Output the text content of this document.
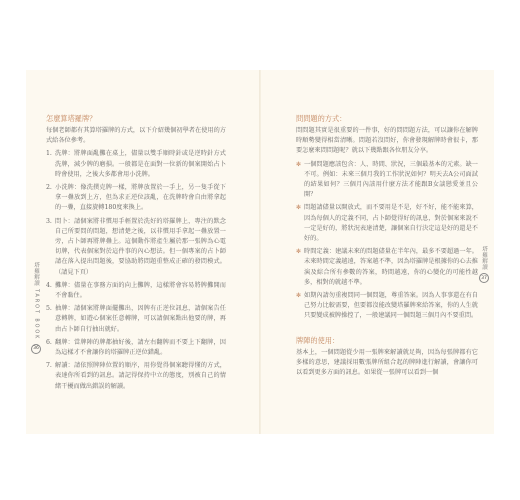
塔羅解讀
TAROT BOOK
36
怎麼算塔羅牌？
每個老師都有其算塔羅牌的方式，以下介紹幾個初學者在使用的方式給各位參考。
1. 洗牌：將牌面亂攤在桌上，儘量以雙手順時針或是逆時針方式洗牌，減少牌的磨損。一般都是在面對一位新的個案開始占卜時會使用，之後大多都會用小洗牌。
2. 小洗牌：像洗撲克牌一樣，將牌放置於一手上，另一隻手從下拿一疊放到上方，但為求正逆位該亂，在洗牌時會自由將拿起的一疊，直接旋轉180度來換上。
3. 問卜：請個案將非慣用手輕置於洗好的塔羅牌上，專注的默念自己所要問的問題，想清楚之後，以非慣用手拿起一疊放置一旁，占卜師再將牌疊上。這個動作將產生屬於那一張牌為心電切牌，代表個案對於這件事的內心想法。但一個專案的占卜師請在落入提出問題後，要協助將問題重整成正確的發問模式。（請見下頁）
4. 攤牌：儘量在事務方面的向上攤牌，這樣將會容易將牌攤開而不會黏住。
5. 抽牌：請個案將牌面擺攤出，因牌有正逆位訊息，請個案告任意轉牌，如遊心個案任意轉牌，可以請個案點出他要的牌，再由占卜師自行抽出就好。
6. 翻牌：當牌陣的牌都抽好後，請左右翻牌而不要上下翻牌，因為這樣才不會讓你的塔羅牌正逆位錯亂。
7. 解讀：請依照牌陣位置的順序，用你覺得個案聽得懂的方式，表達你所看到的訊息。請記得保持中立的態度，別被自己的情緒干擾而做出錯誤的解讀。
問問題的方式：
問問題其實是很重要的一件事，好的問問題方法，可以讓你在解牌時順勢變得相當清晰。問題若沒問好，你會發現解牌時會很卡，那要怎麼來問問題呢？就以下幾點跟各位朋友分享。
✻ 一個問題應該包含：人、時間、狀況，三個最基本的元素。缺一不可。例如：未來三個月我的工作狀況如何？明天去A公司面試的結果如何？三個月內該用什麼方法才能跟B女談戀愛並且公開？
✻ 問題請儘量以開放式，而不要用是不是，好不好，能不能來算，因為每個人的定義不同，占卜師覺得好的訊息，對於個案來說不一定是好的，將狀況表達清楚，讓個案自行決定這是好的還是不好的。
✻ 時間定義：建議未來的問題儘量在半年內，最多不要超過一年。未來時間定義越遠，答案越不準，因為塔羅牌是根據你的心去推演及綜合所有參數的答案，時間越遠，你的心變化的可能性越多，相對的就越不準。
✻ 如期內請勿重複問同一個問題，尊重答案。因為人事事還在有自己努力比較需要，但要都沒能改變塔羅牌來給答案，你的人生就只要變成被牌操控了，一般建議同一個問題三個月內不要重問。
牌陣的使用：
基本上，一個問題從少用一張牌來解讀就足夠，因為每張牌都有它多樣的意思，建議採用數張牌所組合起的牌陣進行解讀，會讓你可以看到更多方面的訊息。如果從一張牌可以看到一個
塔羅解讀
37
